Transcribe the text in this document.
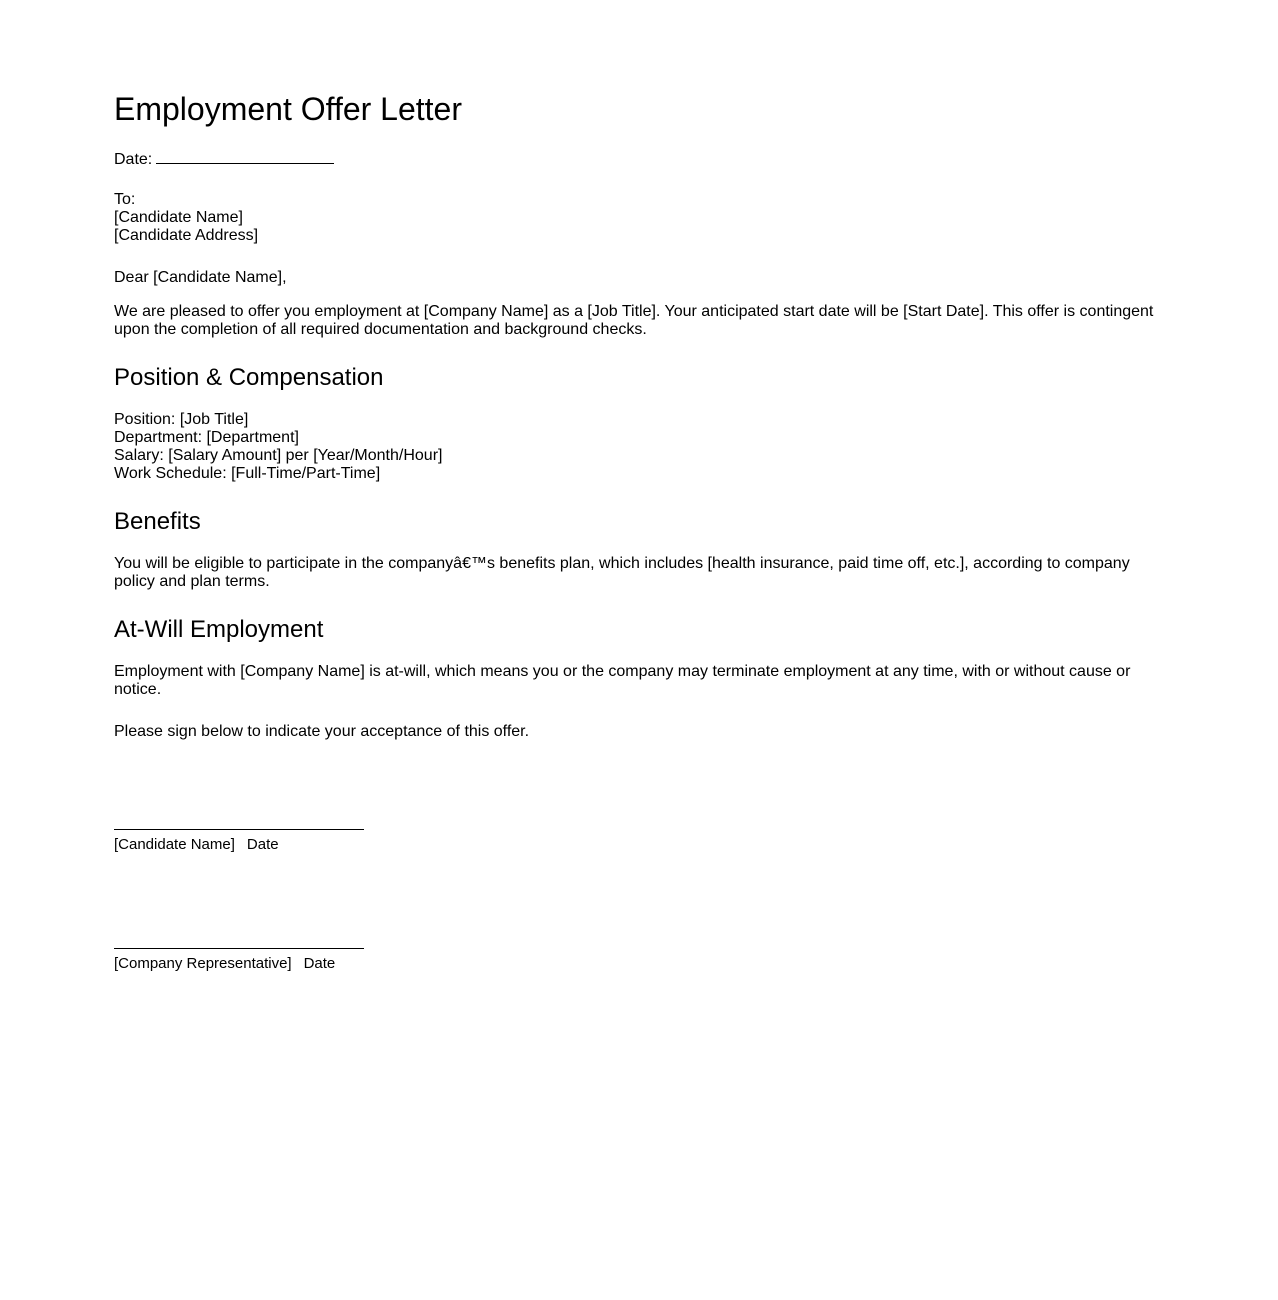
Employment Offer Letter
Date:
To:
[Candidate Name]
[Candidate Address]
Dear [Candidate Name],
We are pleased to offer you employment at [Company Name] as a [Job Title]. Your anticipated start date will be [Start Date]. This offer is contingent
upon the completion of all required documentation and background checks.
Position & Compensation
Position: [Job Title]
Department: [Department]
Salary: [Salary Amount] per [Year/Month/Hour]
Work Schedule: [Full-Time/Part-Time]
Benefits
You will be eligible to participate in the companyâ€™s benefits plan, which includes [health insurance, paid time off, etc.], according to company
policy and plan terms.
At-Will Employment
Employment with [Company Name] is at-will, which means you or the company may terminate employment at any time, with or without cause or
notice.
Please sign below to indicate your acceptance of this offer.
[Candidate Name] Date
[Company Representative] Date
